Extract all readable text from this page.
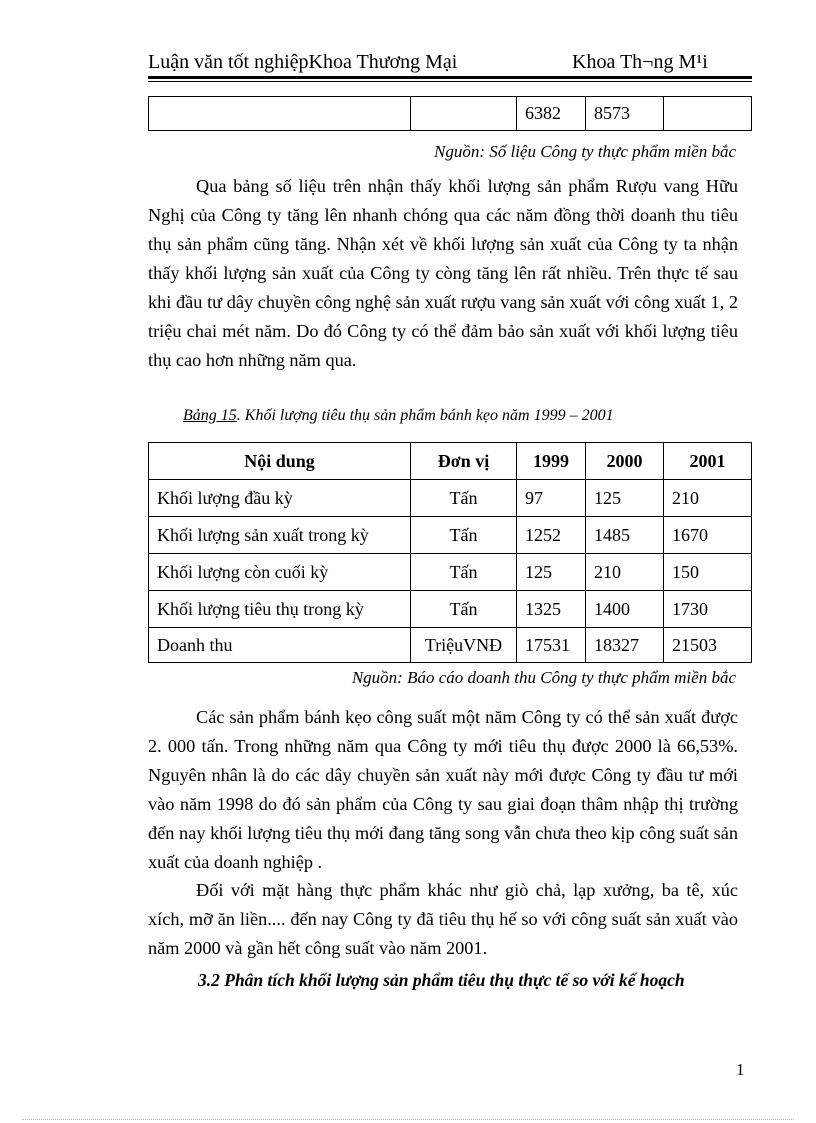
Luận văn tốt nghiệpKhoa Thương Mại	Khoa Th¬ng M¹i
		6382	8573	
Nguồn: Số liệu Công ty thực phẩm miền bắc

Qua bảng số liệu trên nhận thấy khối lượng sản phẩm Rượu vang Hữu Nghị của Công ty tăng lên nhanh chóng qua các năm đồng thời doanh thu tiêu thụ sản phẩm cũng tăng. Nhận xét về khối lượng sản xuất của Công ty ta nhận thấy khối lượng sản xuất của Công ty còng tăng lên rất nhiều. Trên thực tế sau khi đầu tư dây chuyền công nghệ sản xuất rượu vang sản xuất với công xuất 1, 2 triệu chai mét năm. Do đó Công ty có thể đảm bảo sản xuất với khối lượng tiêu thụ cao hơn những năm qua.

Bảng 15. Khối lượng tiêu thụ sản phẩm bánh kẹo năm 1999 – 2001
Nội dung	Đơn vị	1999	2000	2001
Khối lượng đầu kỳ	Tấn	97	125	210
Khối lượng sản xuất trong kỳ	Tấn	1252	1485	1670
Khối lượng còn cuối kỳ	Tấn	125	210	150
Khối lượng tiêu thụ trong kỳ	Tấn	1325	1400	1730
Doanh thu	TriệuVNĐ	17531	18327	21503
Nguồn: Báo cáo doanh thu Công ty thực phẩm miền bắc

Các sản phẩm bánh kẹo công suất một năm Công ty có thể sản xuất được 2. 000 tấn. Trong những năm qua Công ty mới tiêu thụ được 2000 là 66,53%. Nguyên nhân là do các dây chuyền sản xuất này mới được Công ty đầu tư mới vào năm 1998 do đó sản phẩm của Công ty sau giai đoạn thâm nhập thị trường đến nay khối lượng tiêu thụ mới đang tăng song vẫn chưa theo kịp công suất sản xuất của doanh nghiệp .

Đối với mặt hàng thực phẩm khác như giò chả, lạp xưởng, ba tê, xúc xích, mỡ ăn liền.... đến nay Công ty đã tiêu thụ hế so với công suất sản xuất vào năm 2000 và gần hết công suất vào năm 2001.

3.2 Phân tích khối lượng sản phẩm tiêu thụ thực tế so với kế hoạch
1
